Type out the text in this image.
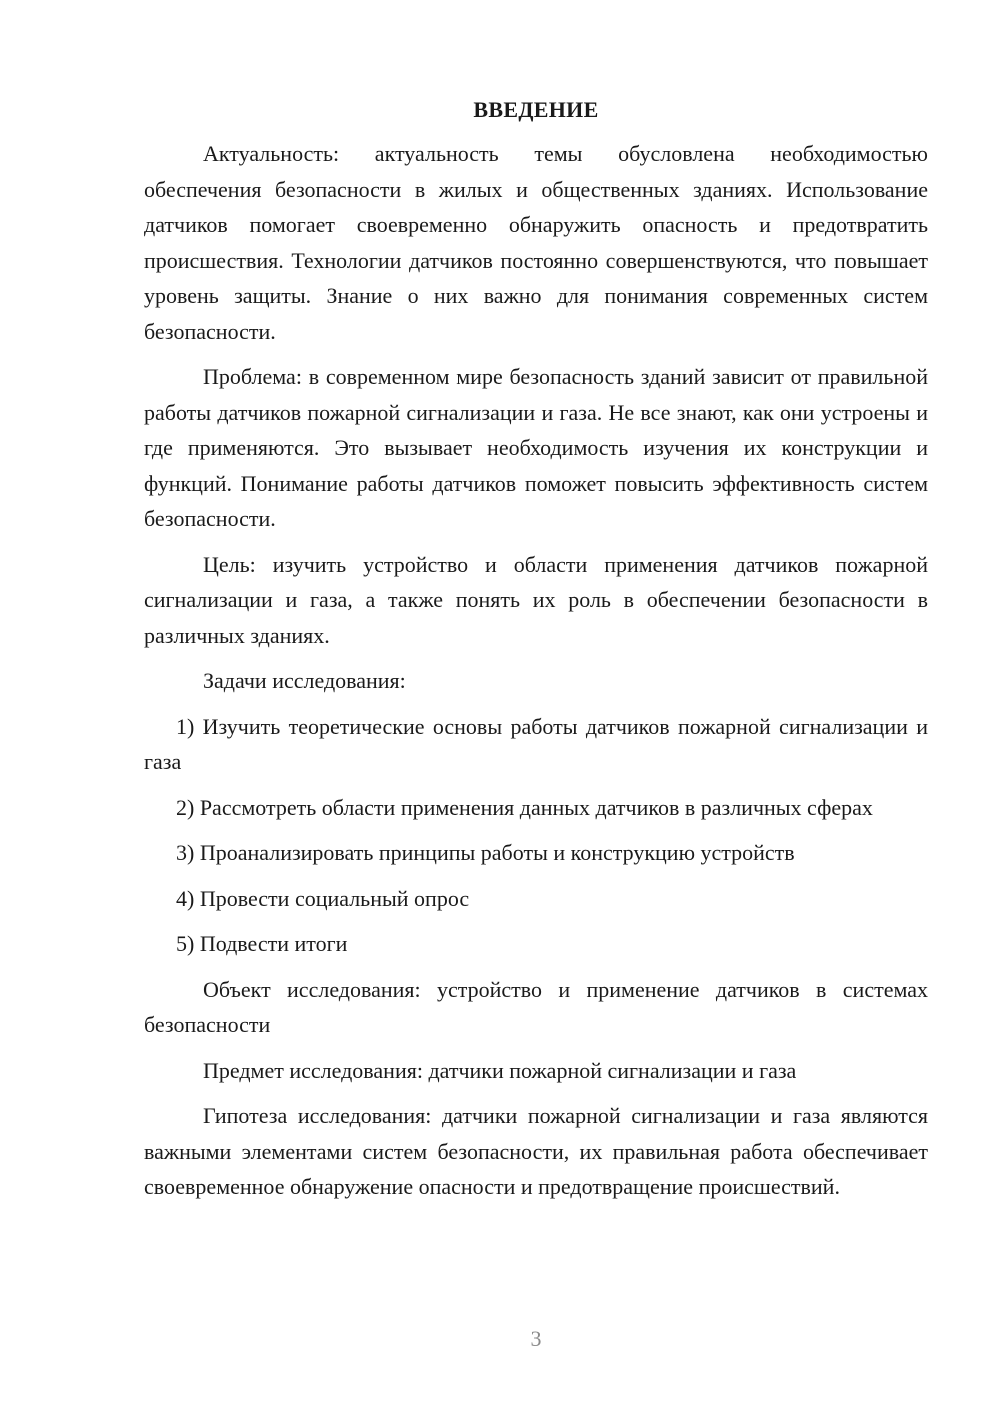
ВВЕДЕНИЕ

Актуальность: актуальность темы обусловлена необходимостью обеспечения безопасности в жилых и общественных зданиях. Использование датчиков помогает своевременно обнаружить опасность и предотвратить происшествия. Технологии датчиков постоянно совершенствуются, что повышает уровень защиты. Знание о них важно для понимания современных систем безопасности.

Проблема: в современном мире безопасность зданий зависит от правильной работы датчиков пожарной сигнализации и газа. Не все знают, как они устроены и где применяются. Это вызывает необходимость изучения их конструкции и функций. Понимание работы датчиков поможет повысить эффективность систем безопасности.

Цель: изучить устройство и области применения датчиков пожарной сигнализации и газа, а также понять их роль в обеспечении безопасности в различных зданиях.

Задачи исследования:

1) Изучить теоретические основы работы датчиков пожарной сигнализации и газа

2) Рассмотреть области применения данных датчиков в различных сферах

3) Проанализировать принципы работы и конструкцию устройств

4) Провести социальный опрос

5) Подвести итоги

Объект исследования: устройство и применение датчиков в системах безопасности

Предмет исследования: датчики пожарной сигнализации и газа

Гипотеза исследования: датчики пожарной сигнализации и газа являются важными элементами систем безопасности, их правильная работа обеспечивает своевременное обнаружение опасности и предотвращение происшествий.

3
